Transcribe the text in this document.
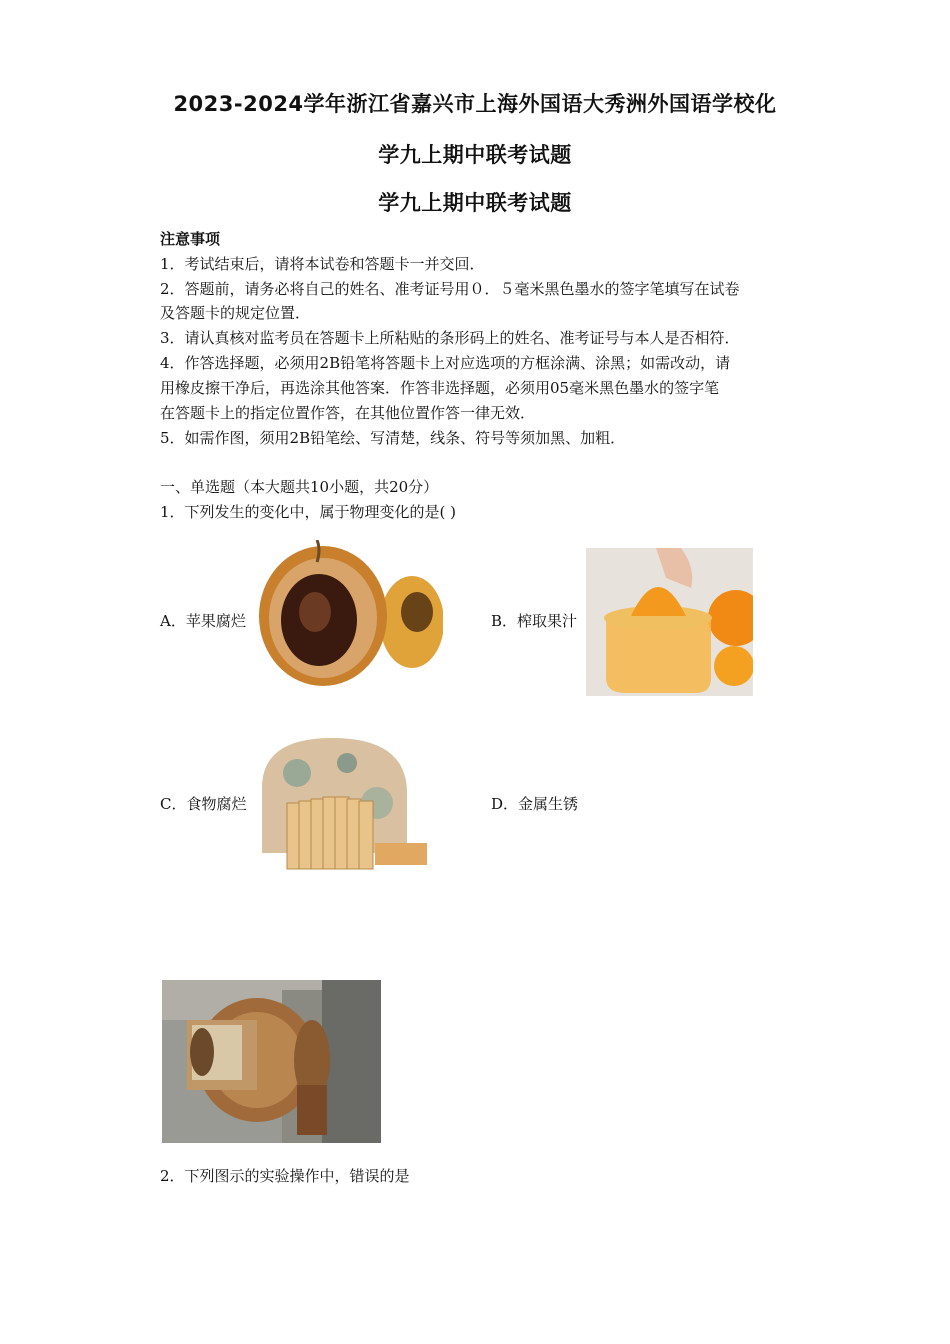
2023-2024学年浙江省嘉兴市上海外国语大秀洲外国语学校化
学九上期中联考试题
学九上期中联考试题
注意事项
1．考试结束后，请将本试卷和答题卡一并交回．
2．答题前，请务必将自己的姓名、准考证号用０．５毫米黑色墨水的签字笔填写在试卷
及答题卡的规定位置．
3．请认真核对监考员在答题卡上所粘贴的条形码上的姓名、准考证号与本人是否相符．
4．作答选择题，必须用2B铅笔将答题卡上对应选项的方框涂满、涂黑；如需改动，请
用橡皮擦干净后，再选涂其他答案．作答非选择题，必须用05毫米黑色墨水的签字笔
在答题卡上的指定位置作答，在其他位置作答一律无效．
5．如需作图，须用2B铅笔绘、写清楚，线条、符号等须加黑、加粗．
一、单选题（本大题共10小题，共20分）
1．下列发生的变化中，属于物理变化的是( )
A．苹果腐烂	B．榨取果汁
C．食物腐烂	D．金属生锈
2．下列图示的实验操作中，错误的是
